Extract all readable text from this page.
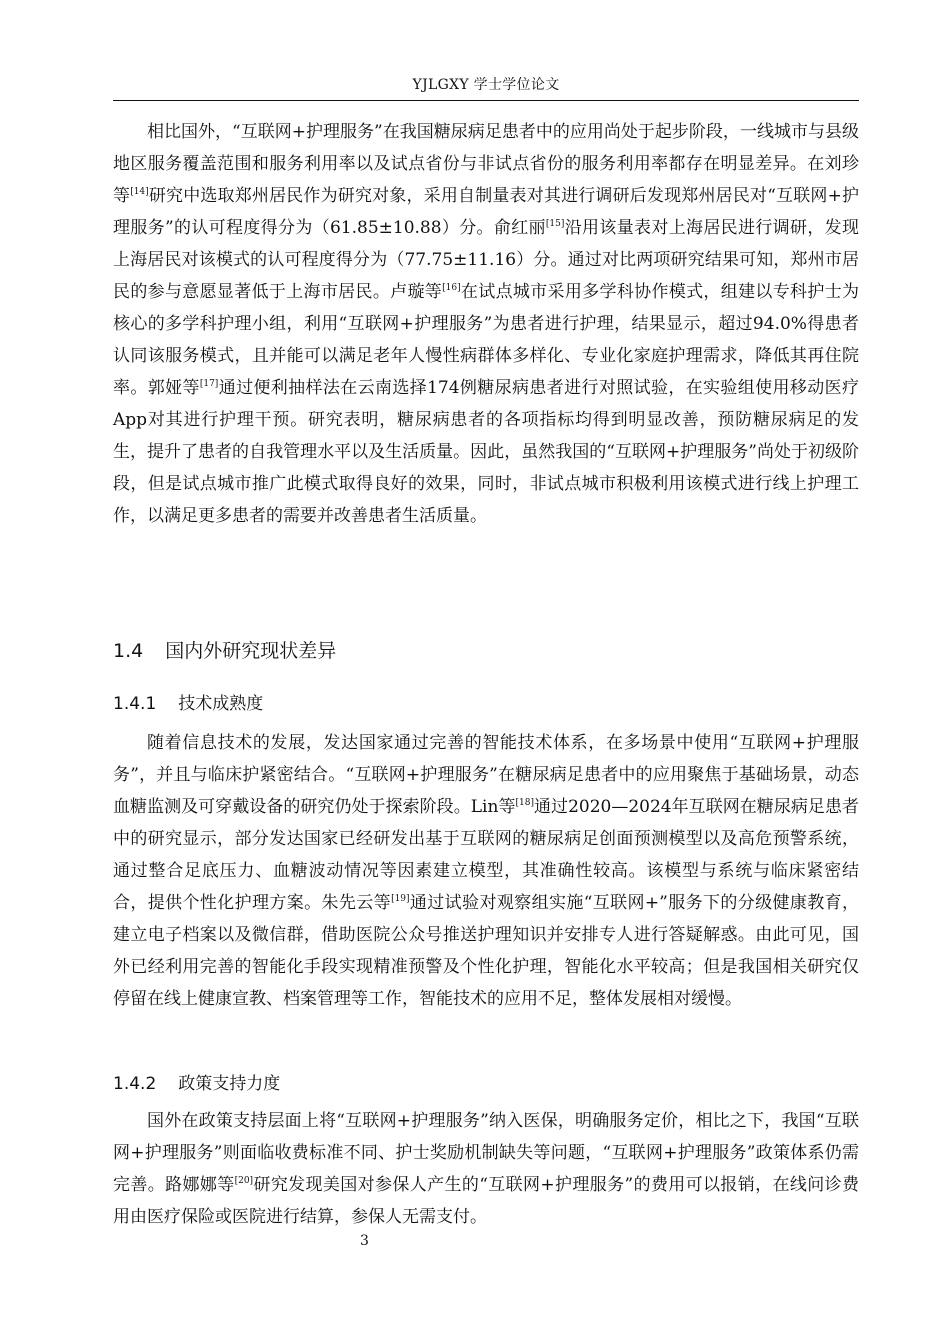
YJLGXY 学士学位论文

相比国外，“互联网+护理服务”在我国糖尿病足患者中的应用尚处于起步阶段，一线城市与县级地区服务覆盖范围和服务利用率以及试点省份与非试点省份的服务利用率都存在明显差异。在刘珍等[14]研究中选取郑州居民作为研究对象，采用自制量表对其进行调研后发现郑州居民对“互联网+护理服务”的认可程度得分为（61.85±10.88）分。俞红丽[15]沿用该量表对上海居民进行调研，发现上海居民对该模式的认可程度得分为（77.75±11.16）分。通过对比两项研究结果可知，郑州市居民的参与意愿显著低于上海市居民。卢璇等[16]在试点城市采用多学科协作模式，组建以专科护士为核心的多学科护理小组，利用“互联网+护理服务”为患者进行护理，结果显示，超过94.0%得患者认同该服务模式，且并能可以满足老年人慢性病群体多样化、专业化家庭护理需求，降低其再住院率。郭娅等[17]通过便利抽样法在云南选择174例糖尿病患者进行对照试验，在实验组使用移动医疗App对其进行护理干预。研究表明，糖尿病患者的各项指标均得到明显改善，预防糖尿病足的发生，提升了患者的自我管理水平以及生活质量。因此，虽然我国的“互联网+护理服务”尚处于初级阶段，但是试点城市推广此模式取得良好的效果，同时，非试点城市积极利用该模式进行线上护理工作，以满足更多患者的需要并改善患者生活质量。

1.4 国内外研究现状差异
1.4.1 技术成熟度

随着信息技术的发展，发达国家通过完善的智能技术体系，在多场景中使用“互联网+护理服务”，并且与临床护紧密结合。“互联网+护理服务”在糖尿病足患者中的应用聚焦于基础场景，动态血糖监测及可穿戴设备的研究仍处于探索阶段。Lin等[18]通过2020—2024年互联网在糖尿病足患者中的研究显示，部分发达国家已经研发出基于互联网的糖尿病足创面预测模型以及高危预警系统，通过整合足底压力、血糖波动情况等因素建立模型，其准确性较高。该模型与系统与临床紧密结合，提供个性化护理方案。朱先云等[19]通过试验对观察组实施“互联网+”服务下的分级健康教育，建立电子档案以及微信群，借助医院公众号推送护理知识并安排专人进行答疑解惑。由此可见，国外已经利用完善的智能化手段实现精准预警及个性化护理，智能化水平较高；但是我国相关研究仅停留在线上健康宣教、档案管理等工作，智能技术的应用不足，整体发展相对缓慢。

1.4.2 政策支持力度

国外在政策支持层面上将“互联网+护理服务”纳入医保，明确服务定价，相比之下，我国“互联网+护理服务”则面临收费标准不同、护士奖励机制缺失等问题，“互联网+护理服务”政策体系仍需完善。路娜娜等[20]研究发现美国对参保人产生的“互联网+护理服务”的费用可以报销，在线问诊费用由医疗保险或医院进行结算，参保人无需支付。

3
